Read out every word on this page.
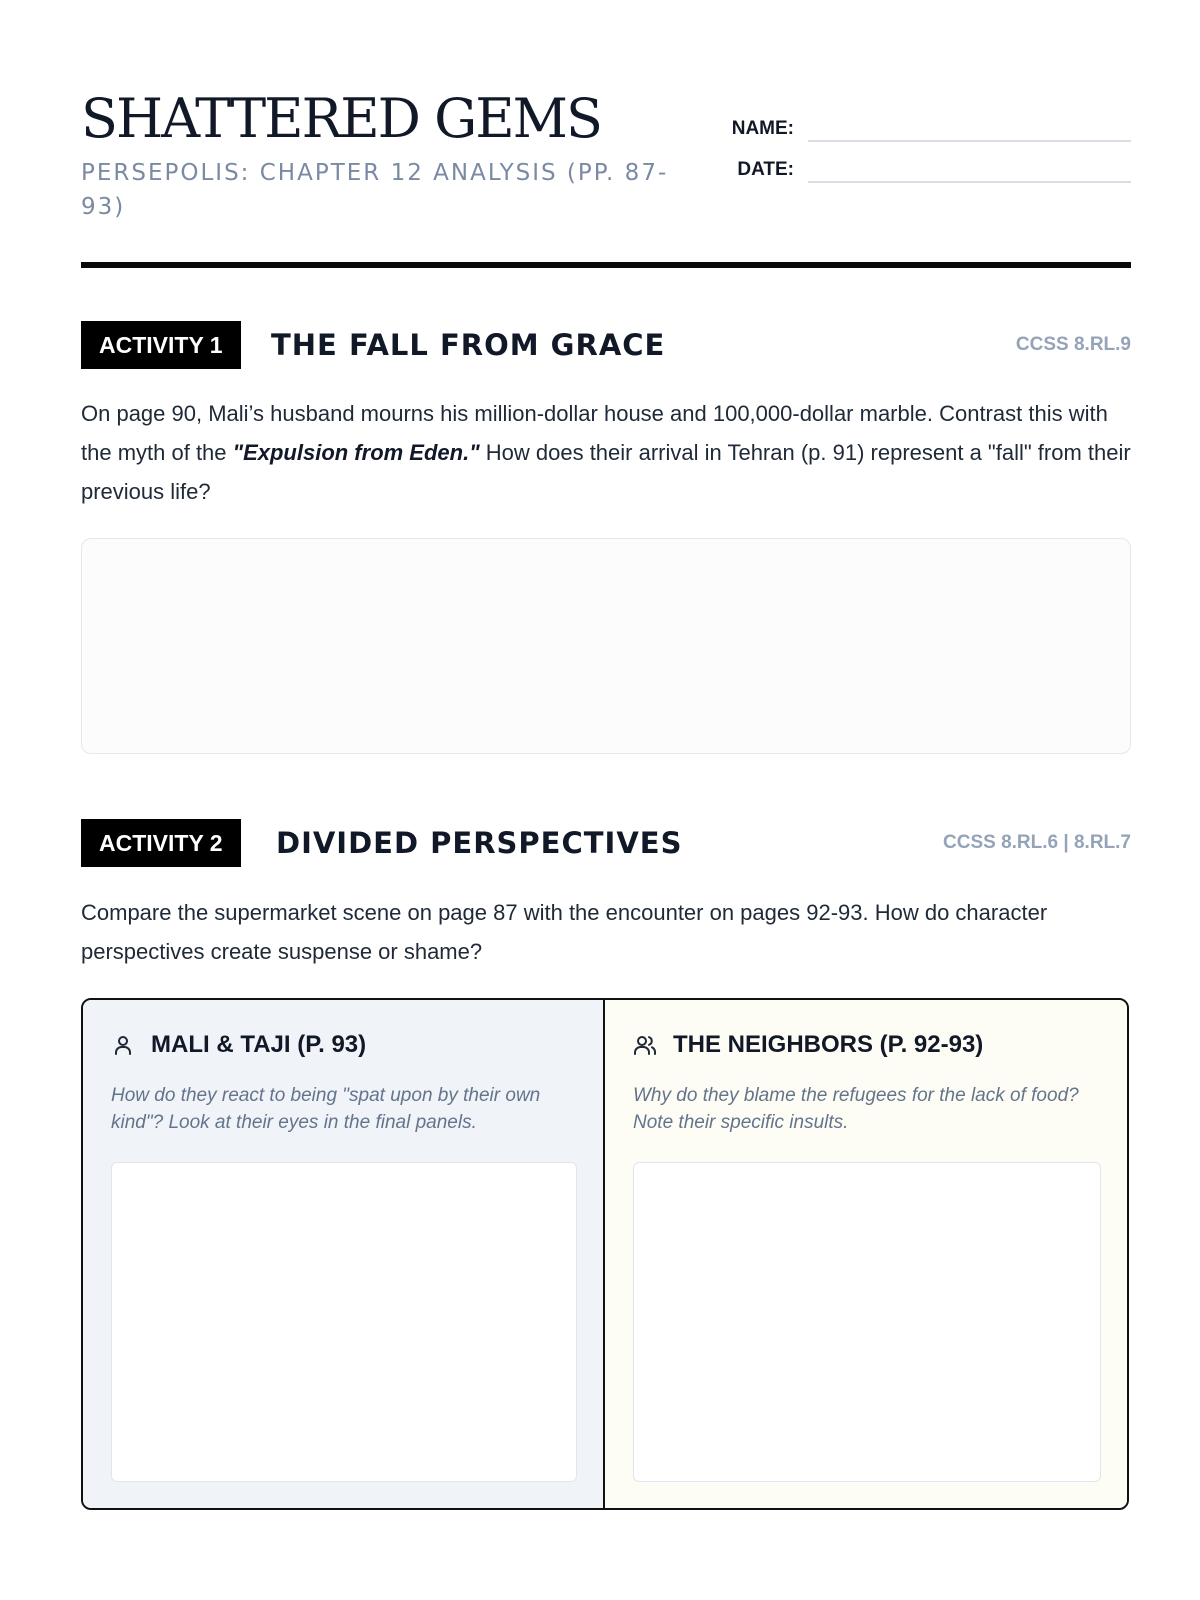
SHATTERED GEMS
PERSEPOLIS: CHAPTER 12 ANALYSIS (PP. 87-93)
NAME:
DATE:
ACTIVITY 1	THE FALL FROM GRACE	CCSS 8.RL.9
On page 90, Mali’s husband mourns his million-dollar house and 100,000-dollar marble. Contrast this with the myth of the "Expulsion from Eden." How does their arrival in Tehran (p. 91) represent a "fall" from their previous life?
ACTIVITY 2	DIVIDED PERSPECTIVES	CCSS 8.RL.6 | 8.RL.7
Compare the supermarket scene on page 87 with the encounter on pages 92-93. How do character perspectives create suspense or shame?
MALI & TAJI (P. 93)
How do they react to being "spat upon by their own kind"? Look at their eyes in the final panels.
THE NEIGHBORS (P. 92-93)
Why do they blame the refugees for the lack of food? Note their specific insults.
